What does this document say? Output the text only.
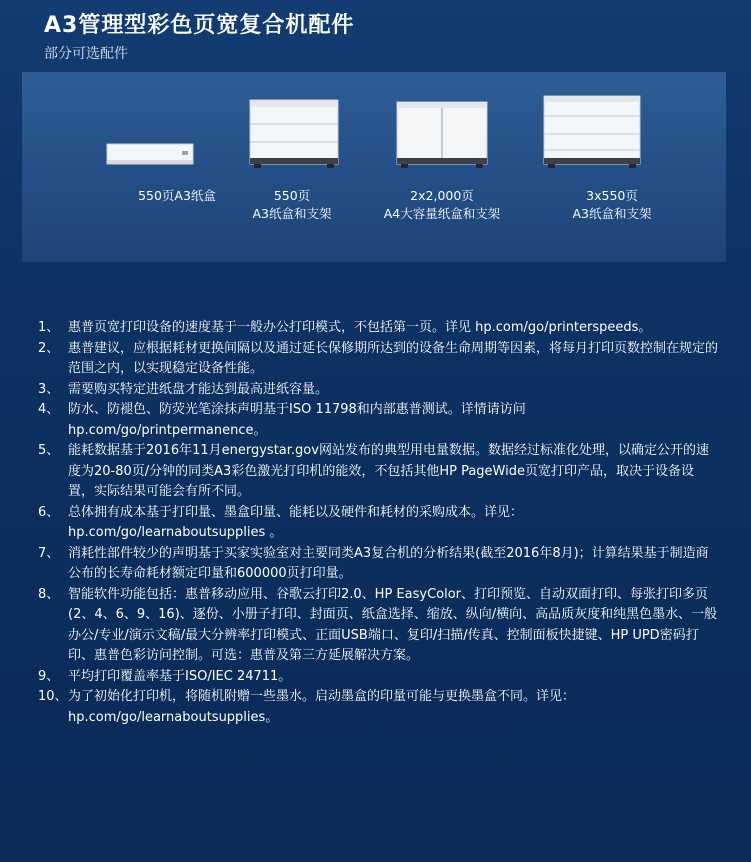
A3管理型彩色页宽复合机配件
部分可选配件
550页A3纸盒	550页
A3纸盒和支架
2x2,000页
A4大容量纸盒和支架
3x550页
A3纸盒和支架
1、 惠普页宽打印设备的速度基于一般办公打印模式，不包括第一页。详见 hp.com/go/printerspeeds。
2、 惠普建议，应根据耗材更换间隔以及通过延长保修期所达到的设备生命周期等因素，将每月打印页数控制在规定的范围之内，以实现稳定设备性能。
3、 需要购买特定进纸盘才能达到最高进纸容量。
4、 防水、防褪色、防荧光笔涂抹声明基于ISO 11798和内部惠普测试。详情请访问 hp.com/go/printpermanence。
5、 能耗数据基于2016年11月energystar.gov网站发布的典型用电量数据。数据经过标准化处理，以确定公开的速度为20-80页/分钟的同类A3彩色激光打印机的能效，不包括其他HP PageWide页宽打印产品，取决于设备设置，实际结果可能会有所不同。
6、 总体拥有成本基于打印量、墨盒印量、能耗以及硬件和耗材的采购成本。详见：hp.com/go/learnaboutsupplies 。
7、 消耗性部件较少的声明基于买家实验室对主要同类A3复合机的分析结果(截至2016年8月)；计算结果基于制造商公布的长寿命耗材额定印量和600000页打印量。
8、 智能软件功能包括：惠普移动应用、谷歌云打印2.0、HP EasyColor、打印预览、自动双面打印、每张打印多页(2、4、6、9、16)、逐份、小册子打印、封面页、纸盒选择、缩放、纵向/横向、高品质灰度和纯黑色墨水、一般办公/专业/演示文稿/最大分辨率打印模式、正面USB端口、复印/扫描/传真、控制面板快捷键、HP UPD密码打印、惠普色彩访问控制。可选：惠普及第三方延展解决方案。
9、 平均打印覆盖率基于ISO/IEC 24711。
10、 为了初始化打印机，将随机附赠一些墨水。启动墨盒的印量可能与更换墨盒不同。详见：hp.com/go/learnaboutsupplies。
